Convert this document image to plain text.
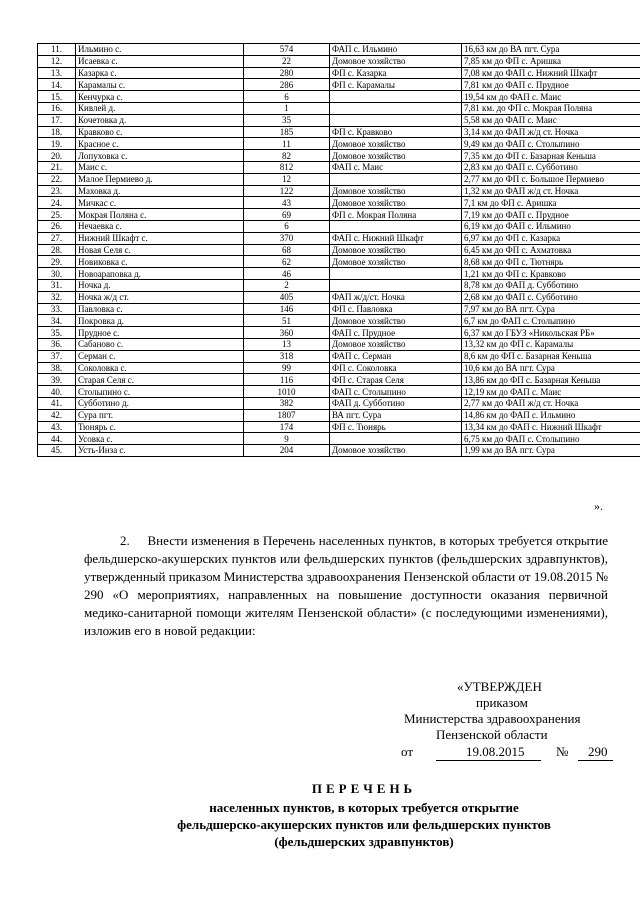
11.	Ильмино с.	574	ФАП с. Ильмино	16,63 км до ВА пгт. Сура
12.	Исаевка с.	22	Домовое хозяйство	7,85 км до ФП с. Аришка
13.	Казарка с.	280	ФП с. Казарка	7,08 км до ФАП с. Нижний Шкафт
14.	Карамалы с.	286	ФП с. Карамалы	7,81 км до ФАП с. Прудное
15.	Кенчурка с.	6		19,54 км до ФАП с. Маис
16.	Кивлей д.	1		7,81 км. до ФП с. Мокрая Поляна
17.	Кочетовка д.	35		5,58 км до ФАП с. Маис
18.	Кравково с.	185	ФП с. Кравково	3,14 км до ФАП ж/д ст. Ночка
19.	Красное с.	11	Домовое хозяйство	9,49 км до ФАП с. Столыпино
20.	Лопуховка с.	82	Домовое хозяйство	7,35 км до ФП с. Базарная Кеньша
21.	Маис с.	812	ФАП с. Маис	2,83 км до ФАП с. Субботино
22.	Малое Пермиево д.	12		2,77 км до ФП с. Большое Пермиево
23.	Маховка д.	122	Домовое хозяйство	1,32 км до ФАП ж/д ст. Ночка
24.	Мичкас с.	43	Домовое хозяйство	7,1 км до ФП с. Аришка
25.	Мокрая Поляна с.	69	ФП с. Мокрая Поляна	7,19 км до ФАП с. Прудное
26.	Нечаевка с.	6		6,19 км до ФАП с. Ильмино
27.	Нижний Шкафт с.	370	ФАП с. Нижний Шкафт	6,97 км до ФП с. Казарка
28.	Новая Селя с.	68	Домовое хозяйство	6,45 км до ФП с. Ахматовка
29.	Новиковка с.	62	Домовое хозяйство	8,68 км до ФП с. Тютнярь
30.	Новоараповка д.	46		1,21 км до ФП с. Кравково
31.	Ночка д.	2		8,78 км до ФАП д. Субботино
32.	Ночка ж/д ст.	405	ФАП ж/д/ст. Ночка	2,68 км до ФАП с. Субботино
33.	Павловка с.	146	ФП с. Павловка	7,97 км до ВА пгт. Сура
34.	Покровка д.	51	Домовое хозяйство	6,7 км до ФАП с. Столыпино
35.	Прудное с.	360	ФАП с. Прудное	6,37 км до ГБУЗ «Никольская РБ»
36.	Сабаново с.	13	Домовое хозяйство	13,32 км до ФП с. Карамалы
37.	Серман с.	318	ФАП с. Серман	8,6 км до ФП с. Базарная Кеньша
38.	Соколовка с.	99	ФП с. Соколовка	10,6 км до ВА пгт. Сура
39.	Старая Селя с.	116	ФП с. Старая Селя	13,86 км до ФП с. Базарная Кеньша
40.	Столыпино с.	1010	ФАП с. Столыпино	12,19 км до ФАП с. Маис
41.	Субботино д.	382	ФАП д. Субботино	2,77 км до ФАП ж/д ст. Ночка
42.	Сура пгт.	1807	ВА пгт. Сура	14,86 км до ФАП с. Ильмино
43.	Тюнярь с.	174	ФП с. Тюнярь	13,34 км до ФАП с. Нижний Шкафт
44.	Усовка с.	9		6,75 км до ФАП с. Столыпино
45.	Усть-Инза с.	204	Домовое хозяйство	1,99 км до ВА пгт. Сура
».

2.     Внести изменения в Перечень населенных пунктов, в которых требуется открытие фельдшерско-акушерских пунктов или фельдшерских пунктов (фельдшерских здравпунктов), утвержденный приказом Министерства здравоохранения Пензенской области от 19.08.2015 № 290 «О мероприятиях, направленных на повышение доступности оказания первичной медико-санитарной помощи жителям Пензенской области» (с последующими изменениями), изложив его в новой редакции:

«УТВЕРЖДЕН
приказом
Министерства здравоохранения
Пензенской области
от	19.08.2015 № 290
ПЕРЕЧЕНЬ
населенных пунктов, в которых требуется открытие
фельдшерско-акушерских пунктов или фельдшерских пунктов
(фельдшерских здравпунктов)
